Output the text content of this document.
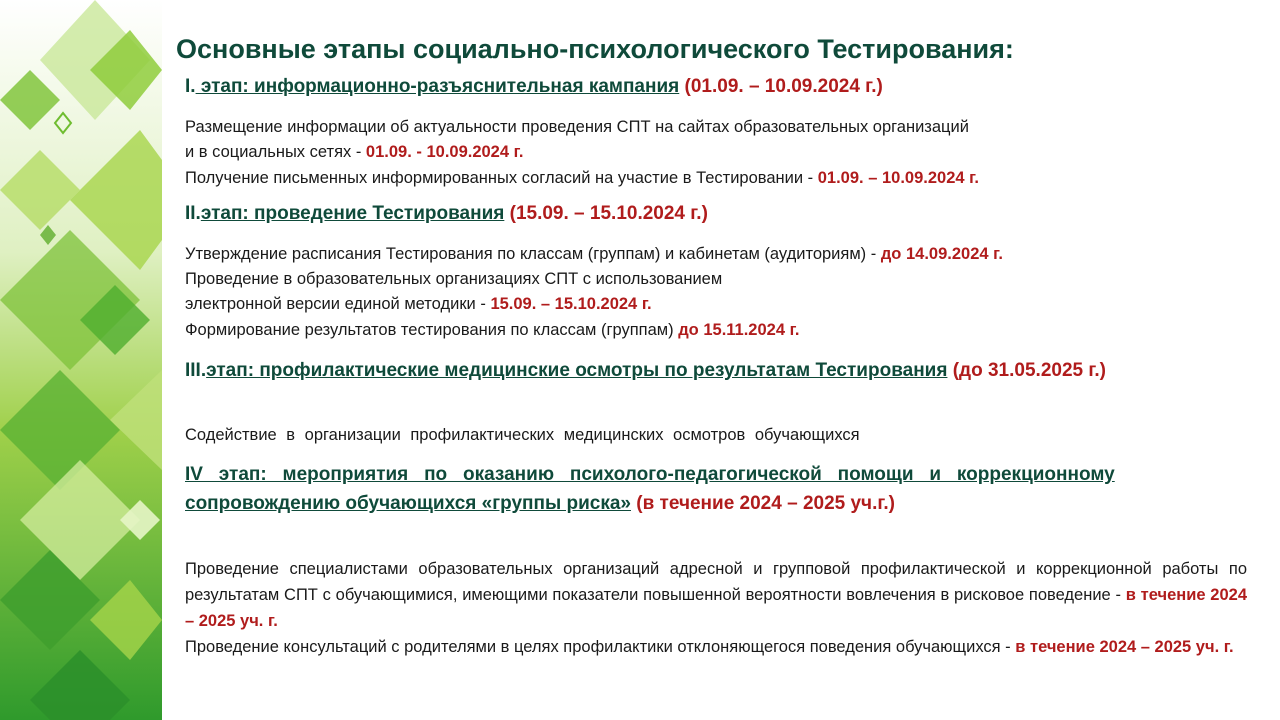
Основные этапы социально-психологического Тестирования:
I. этап: информационно-разъяснительная кампания (01.09. – 10.09.2024 г.)
Размещение информации об актуальности проведения СПТ на сайтах образовательных организаций
и в социальных сетях - 01.09. - 10.09.2024 г.
Получение письменных информированных согласий на участие в Тестировании - 01.09. – 10.09.2024 г.
II.этап: проведение Тестирования (15.09. – 15.10.2024 г.)
Утверждение расписания Тестирования по классам (группам) и кабинетам (аудиториям) - до 14.09.2024 г.
Проведение в образовательных организациях СПТ с использованием
электронной версии единой методики - 15.09. – 15.10.2024 г.
Формирование результатов тестирования по классам (группам) до 15.11.2024 г.
III.этап: профилактические медицинские осмотры по результатам Тестирования (до 31.05.2025 г.)
Содействие в организации профилактических медицинских осмотров обучающихся
IV этап: мероприятия по оказанию психолого-педагогической помощи и коррекционному  сопровождению обучающихся «группы риска» (в течение 2024 – 2025 уч.г.)
Проведение специалистами образовательных организаций адресной и групповой профилактической и коррекционной работы по результатам СПТ с обучающимися, имеющими показатели повышенной вероятности вовлечения в рисковое поведение - в течение 2024 – 2025 уч. г.
Проведение консультаций с родителями в целях профилактики отклоняющегося поведения обучающихся - в течение 2024 – 2025 уч. г.
